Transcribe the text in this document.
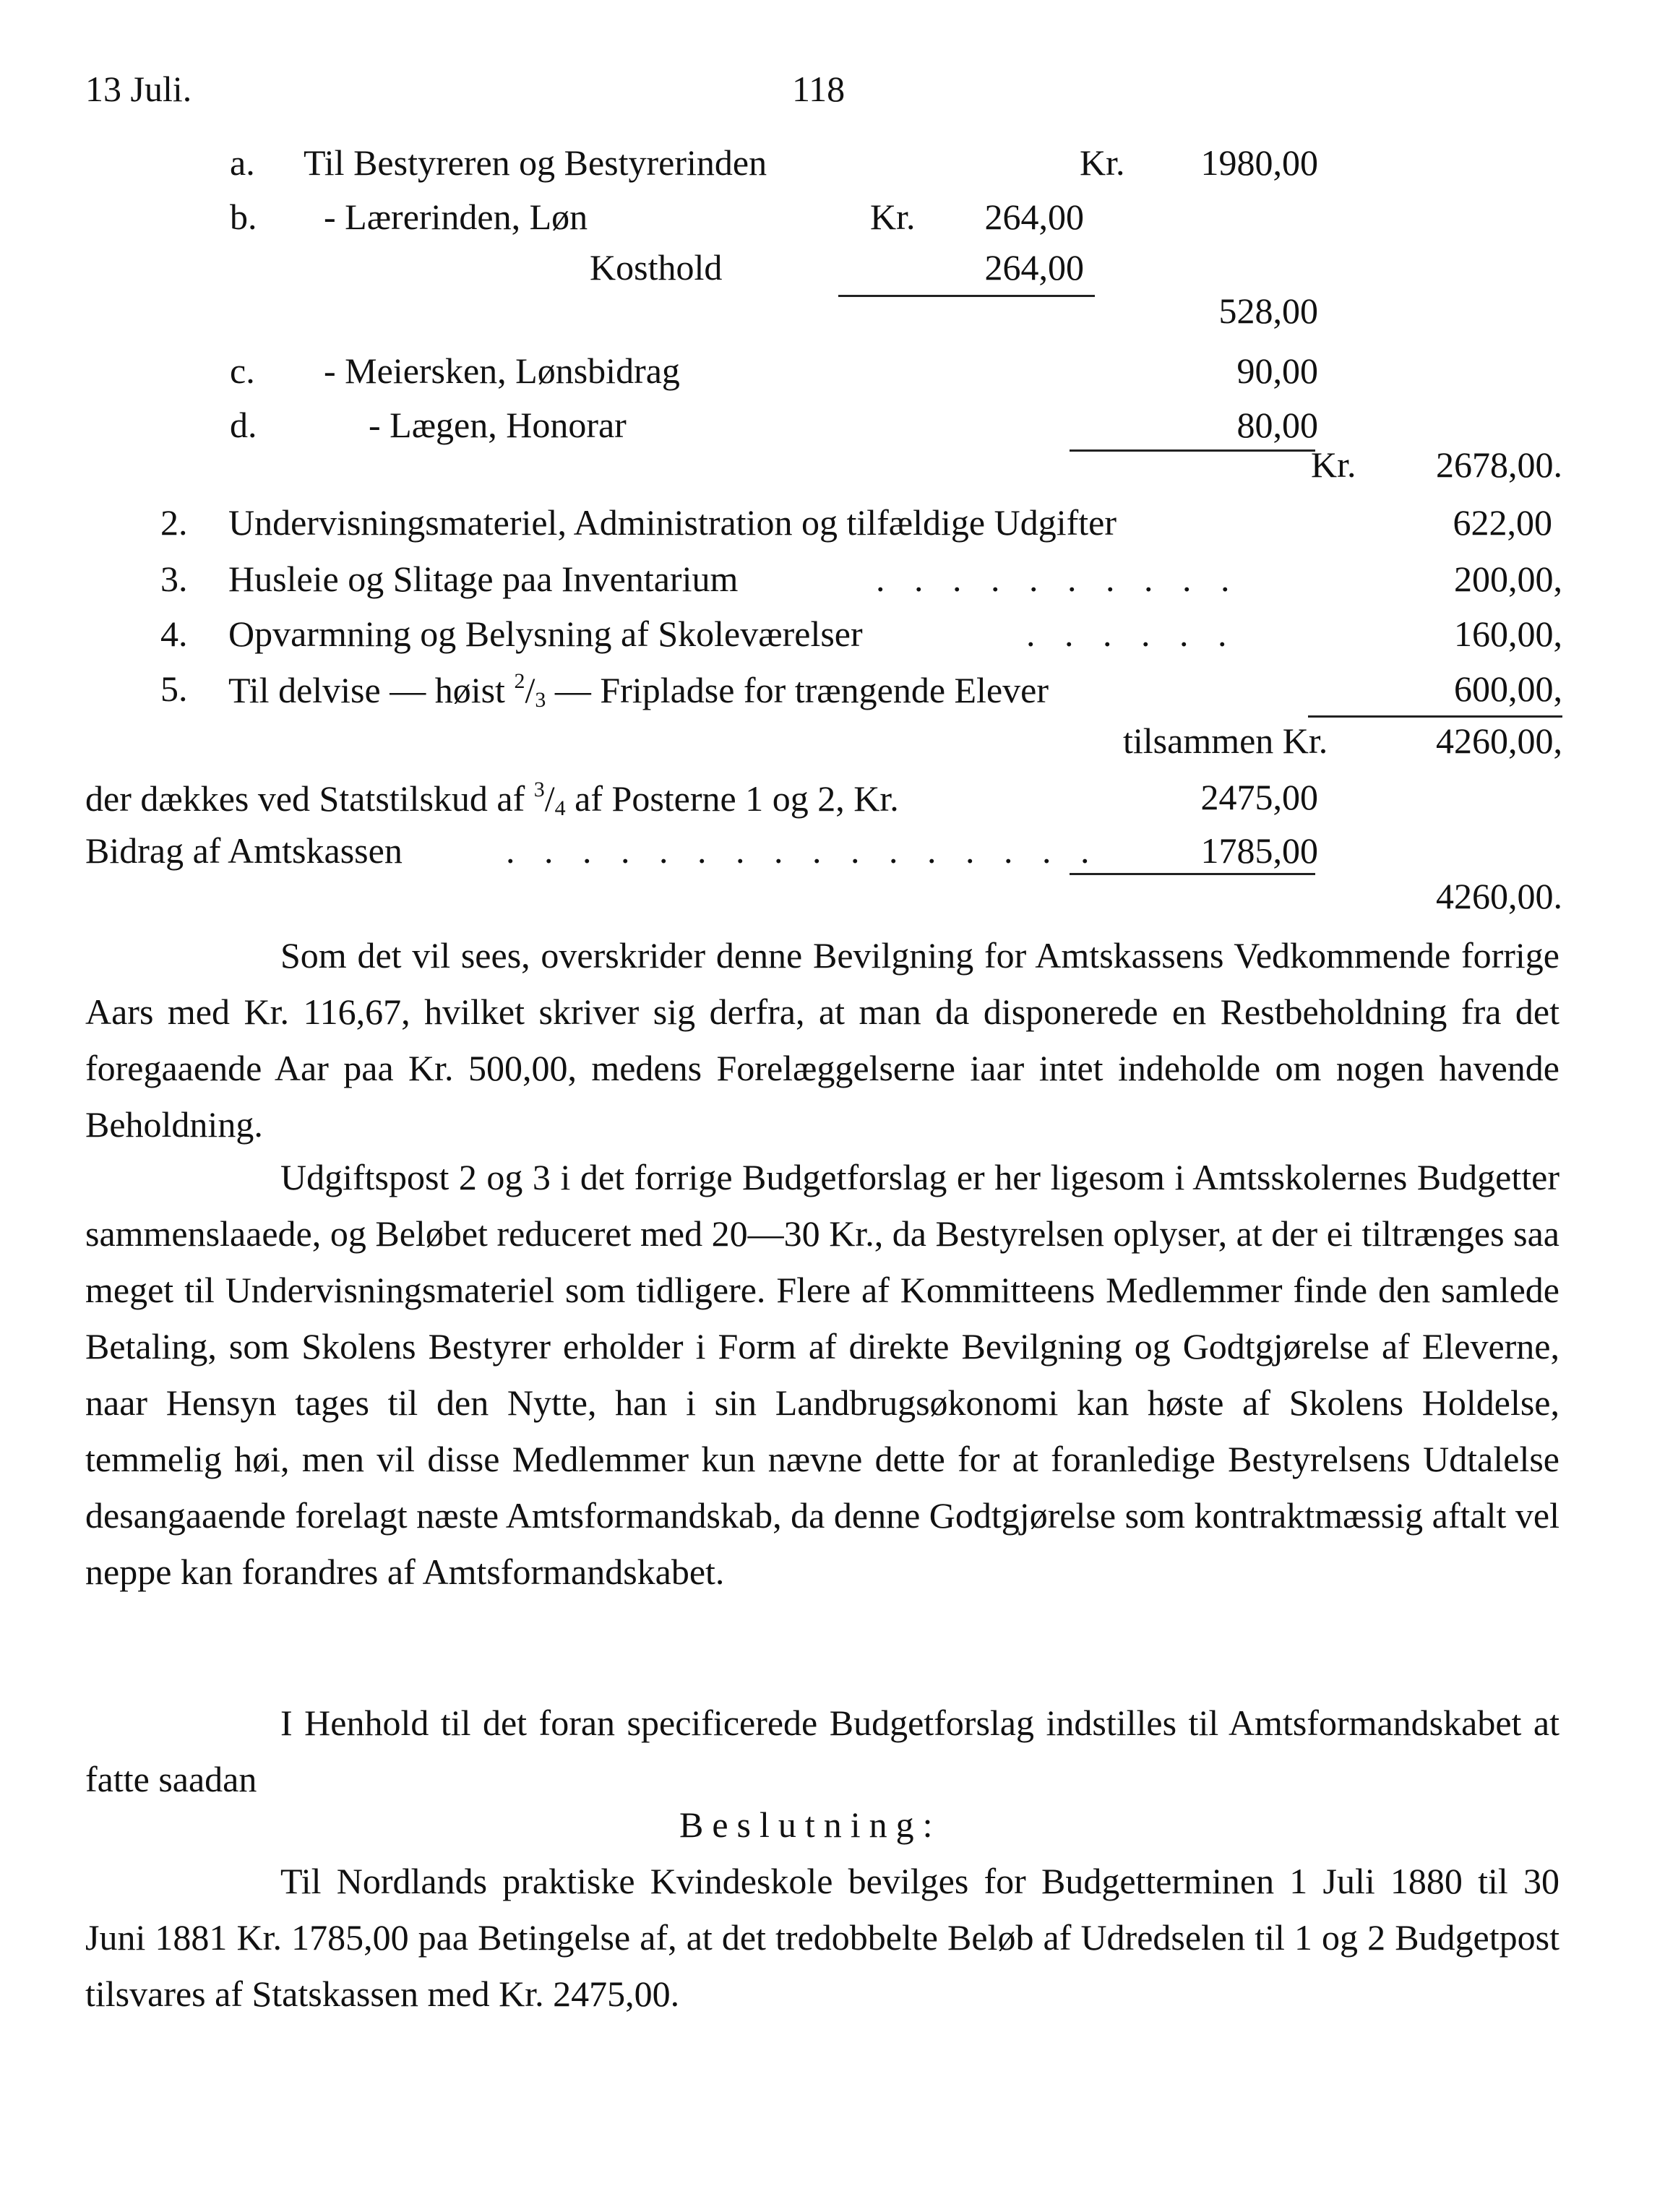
13 Juli.	118
a. Til Bestyreren og Bestyrerinden	Kr. 1980,00
b. - Lærerinden, Løn	Kr. 264,00
Kosthold	264,00
528,00
c. - Meiersken, Lønsbidrag	90,00
d.	- Lægen, Honorar	80,00
Kr. 2678,00.
2. Undervisningsmateriel, Administration og tilfældige Udgifter	622,00
3. Husleie og Slitage paa Inventarium	. . . . . . . . . .	200,00,
4. Opvarmning og Belysning af Skoleværelser	. . . . . .	160,00,
5. Til delvise — høist $^2/_3$ — Fripladse for trængende Elever	600,00,
tilsammen Kr.	4260,00,
der dækkes ved Statstilskud af $^3/_4$ af Posterne 1 og 2, Kr.	2475,00
Bidrag af Amtskassen	. . . . . . . . . . . . . . . .	1785,00
4260,00.
Som det vil sees, overskrider denne Bevilgning for Amtskassens Vedkommende forrige Aars med Kr. 116,67, hvilket skriver sig derfra, at man da disponerede en Restbeholdning fra det foregaaende Aar paa Kr. 500,00, medens Forelæggelserne iaar intet indeholde om nogen havende Beholdning.
Udgiftspost 2 og 3 i det forrige Budgetforslag er her ligesom i Amtsskolernes Budgetter sammenslaaede, og Beløbet reduceret med 20—30 Kr., da Bestyrelsen oplyser, at der ei tiltrænges saa meget til Undervisningsmateriel som tidligere. Flere af Kommitteens Medlemmer finde den samlede Betaling, som Skolens Bestyrer erholder i Form af direkte Bevilgning og Godtgjørelse af Eleverne, naar Hensyn tages til den Nytte, han i sin Landbrugsøkonomi kan høste af Skolens Holdelse, temmelig høi, men vil disse Medlemmer kun nævne dette for at foranledige Bestyrelsens Udtalelse desangaaende forelagt næste Amtsformandskab, da denne Godtgjørelse som kontraktmæssig aftalt vel neppe kan forandres af Amtsformandskabet.
I Henhold til det foran specificerede Budgetforslag indstilles til Amtsformandskabet at fatte saadan
Beslutning:
Til Nordlands praktiske Kvindeskole bevilges for Budgetterminen 1 Juli 1880 til 30 Juni 1881 Kr. 1785,00 paa Betingelse af, at det tredobbelte Beløb af Udredselen til 1 og 2 Budgetpost tilsvares af Statskassen med Kr. 2475,00.
